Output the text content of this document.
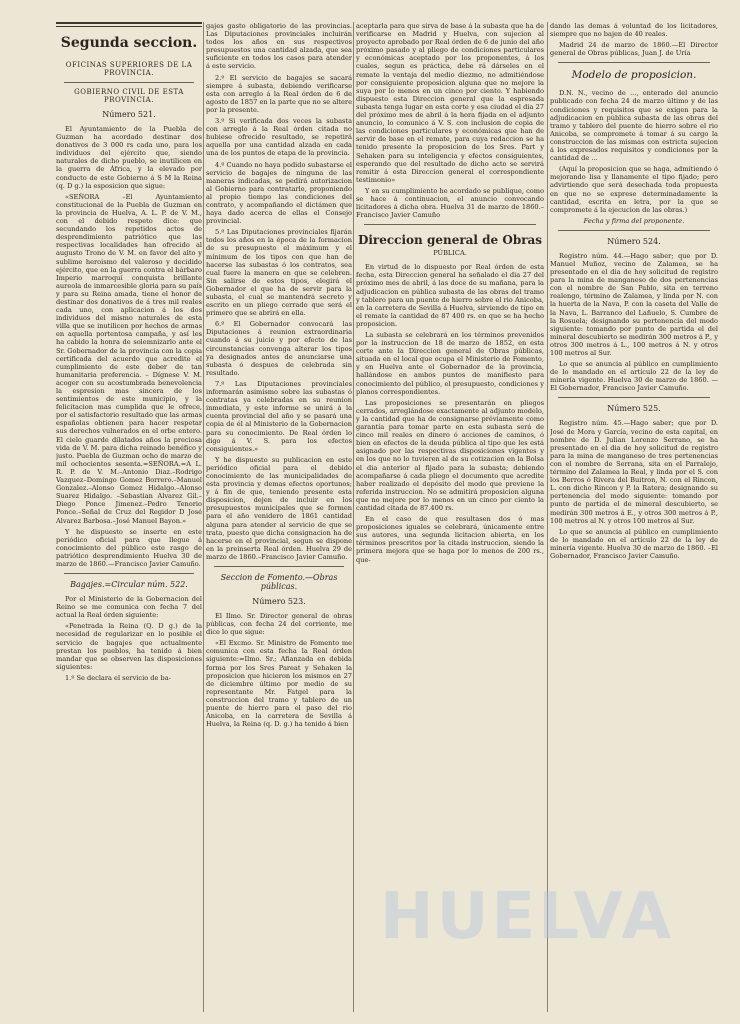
Segunda seccion.
OFICINAS SUPERIORES DE LA PROVINCIA.
GOBIERNO CIVIL DE ESTA PROVINCIA.
Número 521.

El Ayuntamiento de la Puebla de Guzman ha acordado destinar dos donativos de 3 000 rs cada uno, para los individuos del ejército que, siendo naturales de dicho pueblo, se inutilicen en la guerra de África, y la elevado por conducto de este Gobierno á S M la Reina (q. D g.) la esposicion que sigue:

«SEÑORA –El Ayuntamiento constitucional de la Puebla de Guzman en la provincia de Huelva, A. L. P. de V. M., con el debido respeto dice: que secundando los repetidos actos de desprendimiento patriótico que las respectivas localidades han ofrecido al augusto Trono de V. M. en favor del alto y sublime heroismo del valeroso y decidido ejército, que en la guerra contra el bárbaro Imperio marroquí conquista brillante aureola de inmarcesible gloria para su país y para su Reina amada, tiene el honor de destinar dos donativos de á tres mil reales cada uno, con aplicacion á los dos individuos del mismo naturales de esta villa que se inutilicen por hechos de armas en aquella portentosa campaña, y así les ha cabido la honra de solemnizarlo ante el Sr. Gobernador de la provincia con la copia certificada del acuerdo que acredite el cumplimiento de este deber de tan humanitaria preferencia. – Dígnese V. M. acoger con su acostumbrada benevolencia la espresion mas sincera de los sentimientos de este municipio, y la felicitacion mas cumplida que le ofrece, por el satisfactorio resultado que las armas españolas obtienen para hacer respetar sus derechos vulnerados en el orbe entero. El cielo guarde dilatados años la preciosa vida de V. M. para dicha reinado benéfico y justo. Puebla de Guzman ocho de marzo de mil ochocientos sesenta.=SEÑORA.=A L. R. P. de V. M.–Antonio Diaz.–Rodrigo Vazquez–Domingo Gomez Borrero.–Manuel Gonzalez.–Alonso Gomez Hidalgo.–Alonso Suarez Hidalgo. –Sebastian Alvarez Gil.–Diego Ponce Jimenez.–Pedro Tenorio Ponce.–Señal de Cruz del Regidor D José Alvarez Barbosa.–José Manuel Bayon.»

Y he dispuesto se inserte en este periódico oficial para que llegue á conocimiento del público este rasgo de patriótico desprendimiento Huelva 30 de marzo de 1860.—Francisco Javier Camuño.

Bagajes.=Circular núm. 522.

Por el Ministerio de la Gobernacion del Reino se me comunica con fecha 7 del actual la Real órden siguiente:

«Penetrada la Reina (Q. D g.) de la necesidad de regularizar en lo posible el servicio de bagajes que actualmente prestan los pueblos, ha tenido á bien mandar que se observen las disposiciones siguientes:

1.º Se declara el servicio de ba-

gajes gasto obligatorio de las provincias. Las Diputaciones provinciales incluirán todos los años en sus respectivos presupuestos una cantidad alzada, que sea suficiente en todos los casos para atender á este servicio.

2.º El servicio de bagajes se sacará siempre á subasta, debiendo verificarse esta con arreglo á la Real órden de 6 de agosto de 1857 en la parte que no se altere por la presente.

3.º Si verificada dos veces la subasta con arreglo á la Real órden citada no hubiese ofrecido resultado, se repetirá aquella por una cantidad alzada en cada una de los puntos de etapa de la provincia.

4.º Cuando no haya podido subastarse el servicio de bagajes de ninguna de las maneras indicadas, se pedirá autorizacion al Gobierno para contratarlo, proponiendo al propio tiempo las condiciones del contrato, y acompañando el dictámen que haya dado acerca de ellas el Consejo provincial.

5.º Las Diputaciones provinciales fijarán todos los años en la época de la formacion de su presupuesto el máximum y el mínimum de los tipos con que han de hacerse las subastas ó los contratos, sea cual fuere la manera en que se celebren. Sin salirse de estos tipos, elegirá el Gobernador el que ha de servir para la subasta, el cual se mantendrá secreto y escrito en un pliego cerrado que será el primero que se abrirá en ella.

6.º El Gobernador convocará las Diputaciones á reunion extraordinaria cuando á su juicio y por efecto de las circunstancias convenga alterar los tipos ya designados antes de anunciarse una subasta ó despues de celebrada sin resultado.

7.º Las Diputaciones provinciales informarán asimismo sobre las subastas ó contratas ya celebradas en su reunion inmediata, y este informe se unirá á la cuenta provincial del año y se pasará una copia de él al Ministerio de la Gobernacion para su conocimiento. De Real órden lo digo á V. S. para los efectos consiguientes.»

Y he dispuesto su publicacion en este periódico oficial para el debido conocimiento de las municipalidades de esta provincia y demas efectos oportunos; y á fin de que, teniendo presente esta disposicion, dejen de incluir en los presupuestos municipales que se formen para el año venidero de 1861 cantidad alguna para atender al servicio de que se trata, puesto que dicha consignacion ha de hacerse en el provincial, segun se dispone en la preinserta Real órden. Huelva 29 de marzo de 1860.–Francisco Javier Camuño.

Seccion de Fomento.—Obras públicas.
Número 523.

El Ilmo. Sr. Director general de obras públicas, con fecha 24 del corriente, me dice lo que sigue:

«El Excmo. Sr. Ministro de Fomento me comunica con esta fecha la Real órden siguiente:=Ilmo. Sr.; Afianzada en debida forma por los Sres Pareat y Sehaken la proposicion que hicieron los mismos en 27 de diciembre último por medio de su representante Mr. Fatgel para la construccion del tramo y tablero de un puente de hierro para el paso del rio Anicoba, en la carretera de Sevilla á Huelva, la Reina (q. D. g.) ha tenido á bien

aceptarla para que sirva de base á la subasta que ha de verificarse en Madrid y Huelva, con sujecion al proyecto aprobado por Real órden de 6 de junio del año próximo pasado y al pliego de condiciones particulares y económicas aceptado por los proponentes, á los cuales, segun es práctica, debe rá dárseles en el remate la ventaja del medio diezmo, no admitiéndose por consiguiente proposicion alguna que no mejore la suya por lo menos en un cinco por ciento. Y habiendo dispuesto esta Direccion general que la espresada subasta tenga lugar en esta corte y esa ciudad el dia 27 del próximo mes de abril á la hora fijada en el adjunto anuncio, lo comunico á V. S. con inclusion de copia de las condiciones particulares y económicas que han de servir de base en el remate, para cuya redaccion se ha tenido presente la proposicion de los Sres. Part y Sehaken para su inteligencia y efectos consiguientes, esperando que del resultado de dicho acto se servirá remitir á esta Direccion general el correspondiente testimonio»

Y en su cumplimiento he acordado se publique, como se hace á continuacion, el anuncio convocando licitadores á dicha obra. Huelva 31 de marzo de 1860.–Francisco Javier Camuño

Direccion general de Obras
PÚBLICA.

En virtud de lo dispuesto por Real órden de esta fecha, esta Direccion general ha señalado el dia 27 del próximo mes de abril, á las doce de su mañana, para la adjudicacion en pública subasta de las obras del tramo y tablero para un puente de hierro sobre el rio Anicoba, en la carretera de Sevilla á Huelva, sirviendo de tipo en el remate la cantidad de 87 400 rs. en que se ha hecho proposicion.

La subasta se celebrará en los términos prevenidos por la instruccion de 18 de marzo de 1852, en esta corte ante la Direccion general de Obras públicas, situada en el local que ocupa el Ministerio de Fomento, y en Huelva ante el Gobernador de la provincia, hallándose en ambos puntos de manifiesto para conocimiento del público, el presupuesto, condiciones y planos correspondientes.

Las proposiciones se presentarán en pliegos cerrados, arreglándose exactamente al adjunto modelo, y la cantidad que ha de consignarse préviamente como garantía para tomar parte en esta subasta será de cinco mil reales en dinero ó acciones de caminos, ó bien en efectos de la deuda pública al tipo que les está asignado por las respectivas disposiciones vigentes y en los que no lo tuvieren al de su cotizacion en la Bolsa el dia anterior al fijado para la subasta; debiendo acompañarse á cada pliego el documento que acredite haber realizado el depósito del modo que previene la referida instruccion. No se admitirá proposicion alguna que no mejore por lo menos en un cinco por ciento la cantidad citada de 87.400 rs.

En el caso de que resultasen dos ó mas proposiciones iguales se celebrará, únicamente entre sus autores, una segunda licitacion abierta, en los términos prescritos por la citada instruccion, siendo la primera mejora que se haga por lo menos de 200 rs., que-

dando las demas á voluntad de los licitadores, siempre que no bajen de 40 reales.

Madrid 24 de marzo de 1860.—El Director general de Obras públicas, Juan J. de Uría

Modelo de proposicion.

D.N. N., vecino de ..., enterado del anuncio publicado con fecha 24 de marzo último y de las condiciones y requisitos que se exigen para la adjudicacion en pública subasta de las obras del tramo y tablero del puente de hierro sobre el rio Anicoba, se compromete á tomar á su cargo la construccion de las mismas con estricta sujecion á los expresados requisitos y condiciones por la cantidad de ...

(Aquí la proposicion que se haga, admitiendo ó mejorando lisa y llanamente el tipo fijado; pero advirtiendo que será desechada toda propuesta en que no se exprese determinadamente la cantidad, escrita en letra, por la que se compromete á la ejecucion de las obras.)

Fecha y firma del proponente.

Número 524.

Registro núm. 44.—Hago saber; que por D. Manuel Muñoz, vecino de Zalamea, se ha presentado en el dia de hoy solicitud de registro para la mina de manganeso de dos pertenencias con el nombre de San Pablo, sita en terreno realengo, término de Zalamea, y linda por N. con la huerta de la Nava, P. con la caseta del Valle de la Nava, L. Barranco del Lañuelo, S. Cumbre de la Rosuela; designando su pertenencia del modo siguiente: tomando por punto de partida el del mineral descubierto se medirán 300 metros á P., y otros 300 metros á L., 100 metros á N. y otros 100 metros al Sur.

Lo que se anuncia al público en cumplimiento de lo mandado en el artículo 22 de la ley de minería vigente. Huelva 30 de marzo de 1860. —El Gobernador, Francisco Javier Camuño.

Número 525.

Registro núm. 45.—Hago saber; que por D. José de Mora y García, vecino de esta capital, en nombre de D. Julian Lorenzo Serrano, se ha presentado en el dia de hoy solicitud de registro para la mina de manganeso de tres pertenencias con el nombre de Serrana, sita en el Parralejo, término del Zalamea la Real, y linda por el S. con los Berros ó Rivera del Buitron, N. con el Rincon, L. con dicho Rincon y P. la Ratera; designando su pertenencia del modo siguiente: tomando por punto de partida el de mineral descubierto, se medirán 300 metros á E., y otros 300 metros á P., 100 metros al N. y otros 100 metros al Sur.

Lo que se anuncia al público en cumplimiento de lo mandado en el artículo 22 de la ley de minería vigente. Huelva 30 de marzo de 1860. –El Gobernador, Francisco Javier Camuño.

HUELVA
